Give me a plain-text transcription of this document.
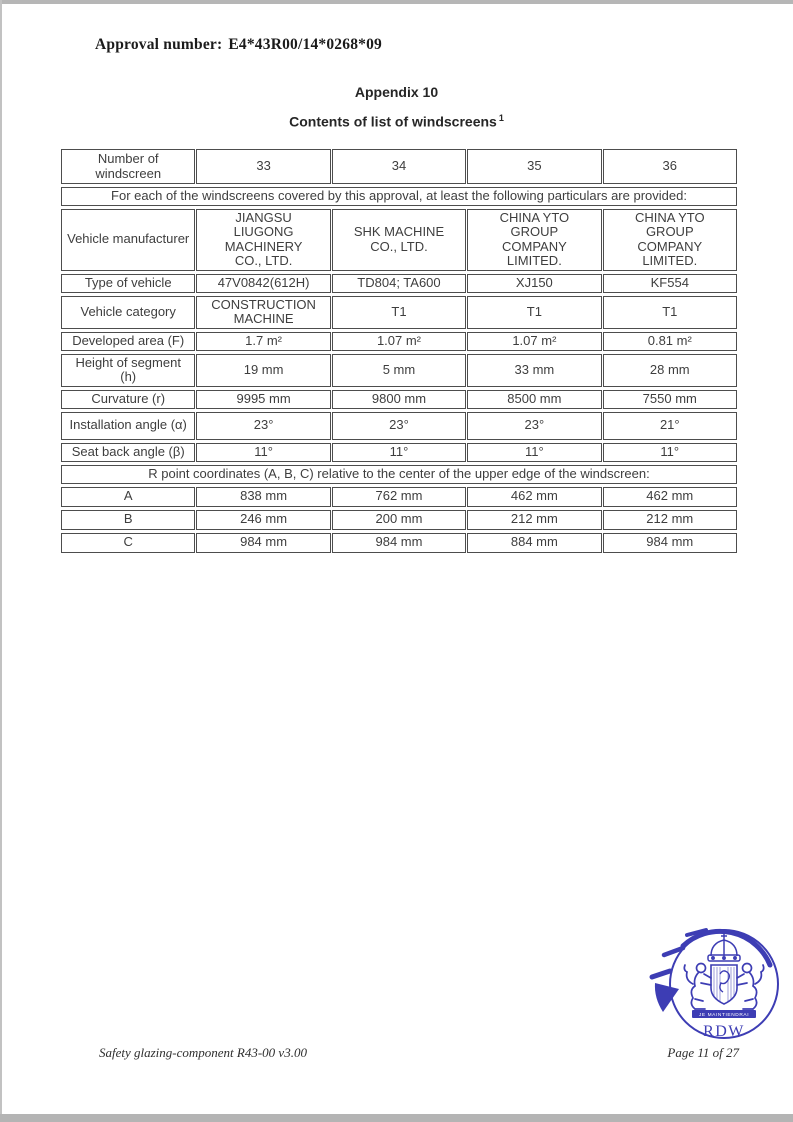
Approval number: E4*43R00/14*0268*09
Appendix 10
Contents of list of windscreens $^1$
Number of windscreen	33	34	35	36
For each of the windscreens covered by this approval, at least the following particulars are provided:				
Vehicle manufacturer	JIANGSU LIUGONG MACHINERY CO., LTD.	SHK MACHINE CO., LTD.	CHINA YTO GROUP COMPANY LIMITED.	CHINA YTO GROUP COMPANY LIMITED.
Type of vehicle	47V0842(612H)	TD804; TA600	XJ150	KF554
Vehicle category	CONSTRUCTION MACHINE	T1	T1	T1
Developed area (F)	1.7 m²	1.07 m²	1.07 m²	0.81 m²
Height of segment (h)	19 mm	5 mm	33 mm	28 mm
Curvature (r)	9995 mm	9800 mm	8500 mm	7550 mm
Installation angle (α)	23°	23°	23°	21°
Seat back angle (β)	11°	11°	11°	11°
R point coordinates (A, B, C) relative to the center of the upper edge of the windscreen:				
A	838 mm	762 mm	462 mm	462 mm
B	246 mm	200 mm	212 mm	212 mm
C	984 mm	984 mm	884 mm	984 mm
JE MAINTIENDRAI
RDW
Safety glazing-component R43-00 v3.00	Page 11 of 27
